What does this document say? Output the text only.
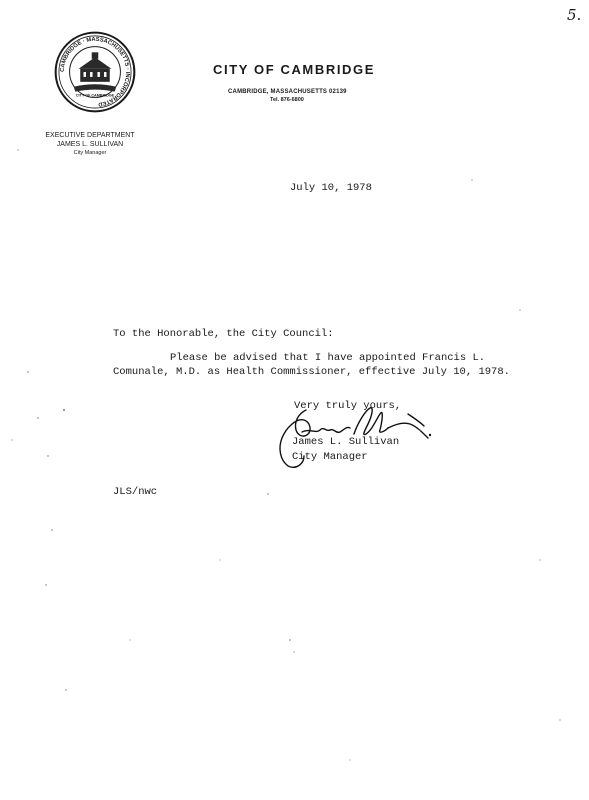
5.
CAMBRIDGE · MASSACHUSETTS · INCORPORATED
CITY OF CAMBRIDGE
CITY OF CAMBRIDGE
CAMBRIDGE, MASSACHUSETTS 02139
Tel. 876-6800
EXECUTIVE DEPARTMENT
JAMES L. SULLIVAN
City Manager
July 10, 1978
To the Honorable, the City Council:
Please be advised that I have appointed Francis L.
Comunale, M.D. as Health Commissioner, effective July 10, 1978.
Very truly yours,
James L. Sullivan
City Manager
JLS/nwc
